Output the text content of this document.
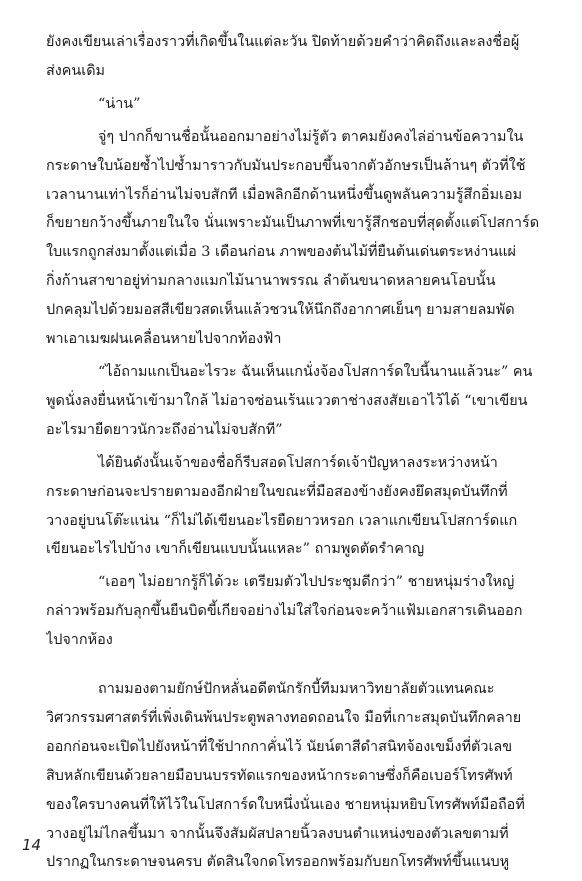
ยังคงเขียนเล่าเรื่องราวที่เกิดขึ้นในแต่ละวัน ปิดท้ายด้วยคำว่าคิดถึงและลงชื่อผู้
ส่งคนเดิม

“น่าน”

จู่ๆ ปากก็ขานชื่อนั้นออกมาอย่างไม่รู้ตัว ตาคมยังคงไล่อ่านข้อความใน
กระดาษใบน้อยซ้ำไปซ้ำมาราวกับมันประกอบขึ้นจากตัวอักษรเป็นล้านๆ ตัวที่ใช้
เวลานานเท่าไรก็อ่านไม่จบสักที เมื่อพลิกอีกด้านหนึ่งขึ้นดูพลันความรู้สึกอิ่มเอม
ก็ขยายกว้างขึ้นภายในใจ นั่นเพราะมันเป็นภาพที่เขารู้สึกชอบที่สุดตั้งแต่โปสการ์ด
ใบแรกถูกส่งมาตั้งแต่เมื่อ 3 เดือนก่อน ภาพของต้นไม้ที่ยืนต้นเด่นตระหง่านแผ่
กิ่งก้านสาขาอยู่ท่ามกลางแมกไม้นานาพรรณ ลำต้นขนาดหลายคนโอบนั้น
ปกคลุมไปด้วยมอสสีเขียวสดเห็นแล้วชวนให้นึกถึงอากาศเย็นๆ ยามสายลมพัด
พาเอาเมฆฝนเคลื่อนหายไปจากท้องฟ้า

“ไอ้ถามแกเป็นอะไรวะ ฉันเห็นแกนั่งจ้องโปสการ์ดใบนี้นานแล้วนะ” คน
พูดนั่งลงยื่นหน้าเข้ามาใกล้ ไม่อาจซ่อนเร้นแววตาช่างสงสัยเอาไว้ได้ “เขาเขียน
อะไรมายืดยาวนักวะถึงอ่านไม่จบสักที”

ได้ยินดังนั้นเจ้าของชื่อก็รีบสอดโปสการ์ดเจ้าปัญหาลงระหว่างหน้า
กระดาษก่อนจะปรายตามองอีกฝ่ายในขณะที่มือสองข้างยังคงยึดสมุดบันทึกที่
วางอยู่บนโต๊ะแน่น “ก็ไม่ได้เขียนอะไรยืดยาวหรอก เวลาแกเขียนโปสการ์ดแก
เขียนอะไรไปบ้าง เขาก็เขียนแบบนั้นแหละ” ถามพูดตัดรำคาญ

“เออๆ ไม่อยากรู้ก็ได้วะ เตรียมตัวไปประชุมดีกว่า” ชายหนุ่มร่างใหญ่
กล่าวพร้อมกับลุกขึ้นยืนบิดขี้เกียจอย่างไม่ใส่ใจก่อนจะคว้าแฟ้มเอกสารเดินออก
ไปจากห้อง

ถามมองตามยักษ์ปักหลั่นอดีตนักรักบี้ทีมมหาวิทยาลัยตัวแทนคณะ
วิศวกรรมศาสตร์ที่เพิ่งเดินพ้นประตูพลางทอดถอนใจ มือที่เกาะสมุดบันทึกคลาย
ออกก่อนจะเปิดไปยังหน้าที่ใช้ปากกาคั่นไว้ นัยน์ตาสีดำสนิทจ้องเขม็งที่ตัวเลข
สิบหลักเขียนด้วยลายมือบนบรรทัดแรกของหน้ากระดาษซึ่งก็คือเบอร์โทรศัพท์
ของใครบางคนที่ให้ไว้ในโปสการ์ดใบหนึ่งนั่นเอง ชายหนุ่มหยิบโทรศัพท์มือถือที่
วางอยู่ไม่ไกลขึ้นมา จากนั้นจึงสัมผัสปลายนิ้วลงบนตำแหน่งของตัวเลขตามที่
ปรากฏในกระดาษจนครบ ตัดสินใจกดโทรออกพร้อมกับยกโทรศัพท์ขึ้นแนบหู

14
